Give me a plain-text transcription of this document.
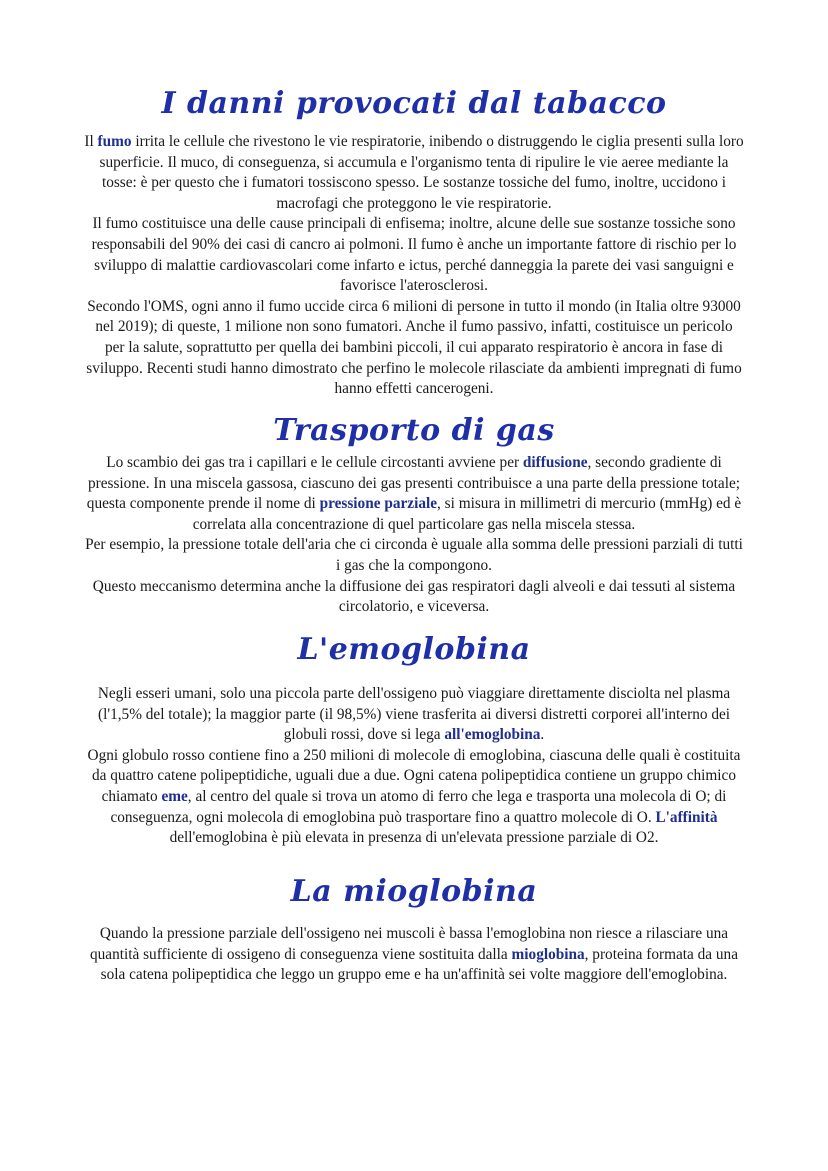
I danni provocati dal tabacco

Il fumo irrita le cellule che rivestono le vie respiratorie, inibendo o distruggendo le ciglia presenti sulla loro superficie. Il muco, di conseguenza, si accumula e l'organismo tenta di ripulire le vie aeree mediante la tosse: è per questo che i fumatori tossiscono spesso. Le sostanze tossiche del fumo, inoltre, uccidono i macrofagi che proteggono le vie respiratorie.

Il fumo costituisce una delle cause principali di enfisema; inoltre, alcune delle sue sostanze tossiche sono responsabili del 90% dei casi di cancro ai polmoni. Il fumo è anche un importante fattore di rischio per lo sviluppo di malattie cardiovascolari come infarto e ictus, perché danneggia la parete dei vasi sanguigni e favorisce l'aterosclerosi.

Secondo l'OMS, ogni anno il fumo uccide circa 6 milioni di persone in tutto il mondo (in Italia oltre 93000 nel 2019); di queste, 1 milione non sono fumatori. Anche il fumo passivo, infatti, costituisce un pericolo per la salute, soprattutto per quella dei bambini piccoli, il cui apparato respiratorio è ancora in fase di sviluppo. Recenti studi hanno dimostrato che perfino le molecole rilasciate da ambienti impregnati di fumo hanno effetti cancerogeni.

Trasporto di gas

Lo scambio dei gas tra i capillari e le cellule circostanti avviene per diffusione, secondo gradiente di pressione. In una miscela gassosa, ciascuno dei gas presenti contribuisce a una parte della pressione totale; questa componente prende il nome di pressione parziale, si misura in millimetri di mercurio (mmHg) ed è correlata alla concentrazione di quel particolare gas nella miscela stessa.

Per esempio, la pressione totale dell'aria che ci circonda è uguale alla somma delle pressioni parziali di tutti i gas che la compongono.

Questo meccanismo determina anche la diffusione dei gas respiratori dagli alveoli e dai tessuti al sistema circolatorio, e viceversa.

L'emoglobina

Negli esseri umani, solo una piccola parte dell'ossigeno può viaggiare direttamente disciolta nel plasma (l'1,5% del totale); la maggior parte (il 98,5%) viene trasferita ai diversi distretti corporei all'interno dei globuli rossi, dove si lega all'emoglobina.

Ogni globulo rosso contiene fino a 250 milioni di molecole di emoglobina, ciascuna delle quali è costituita da quattro catene polipeptidiche, uguali due a due. Ogni catena polipeptidica contiene un gruppo chimico chiamato eme, al centro del quale si trova un atomo di ferro che lega e trasporta una molecola di O; di conseguenza, ogni molecola di emoglobina può trasportare fino a quattro molecole di O. L'affinità dell'emoglobina è più elevata in presenza di un'elevata pressione parziale di O2.

La mioglobina

Quando la pressione parziale dell'ossigeno nei muscoli è bassa l'emoglobina non riesce a rilasciare una quantità sufficiente di ossigeno di conseguenza viene sostituita dalla mioglobina, proteina formata da una sola catena polipeptidica che leggo un gruppo eme e ha un'affinità sei volte maggiore dell'emoglobina.
